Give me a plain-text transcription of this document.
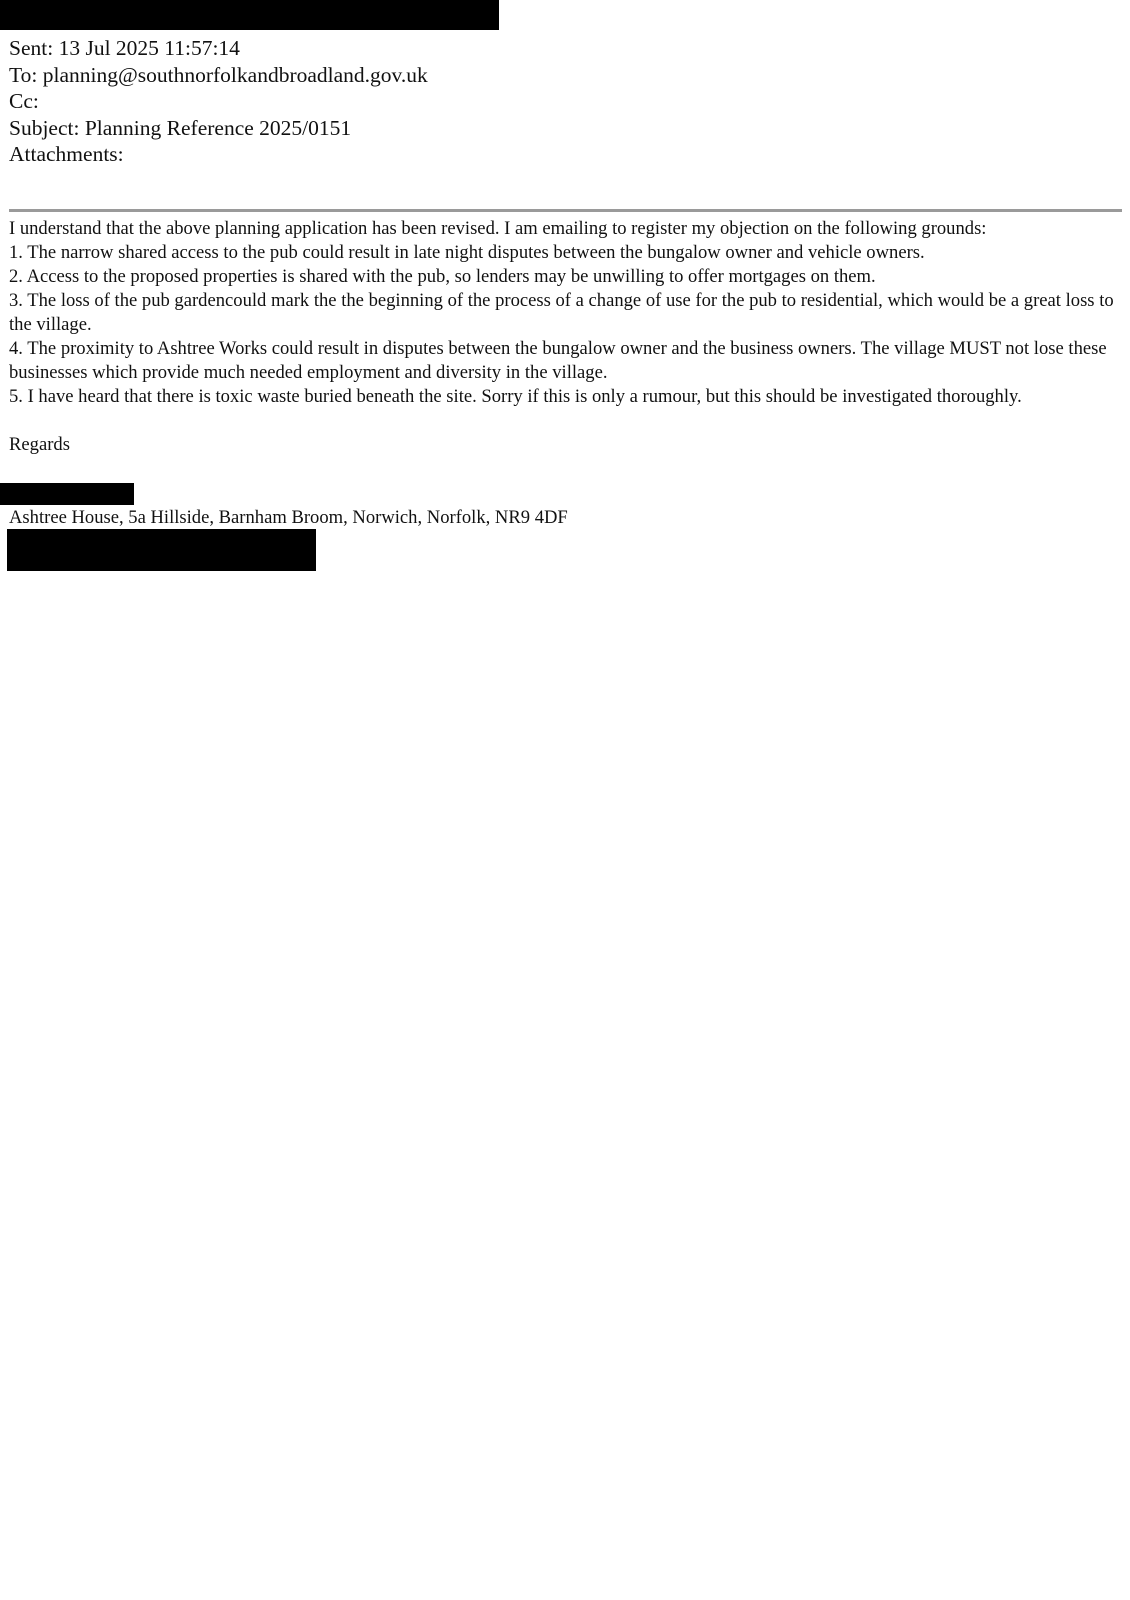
Sent: 13 Jul 2025 11:57:14
To: planning@southnorfolkandbroadland.gov.uk
Cc:
Subject: Planning Reference 2025/0151
Attachments:

I understand that the above planning application has been revised. I am emailing to register my objection on the following grounds:

1. The narrow shared access to the pub could result in late night disputes between the bungalow owner and vehicle owners.

2. Access to the proposed properties is shared with the pub, so lenders may be unwilling to offer mortgages on them.

3. The loss of the pub gardencould mark the the beginning of the process of a change of use for the pub to residential, which would be a great loss to the village.

4. The proximity to Ashtree Works could result in disputes between the bungalow owner and the business owners. The village MUST not lose these businesses which provide much needed employment and diversity in the village.

5. I have heard that there is toxic waste buried beneath the site. Sorry if this is only a rumour, but this should be investigated thoroughly.

Regards

Ashtree House, 5a Hillside, Barnham Broom, Norwich, Norfolk, NR9 4DF
